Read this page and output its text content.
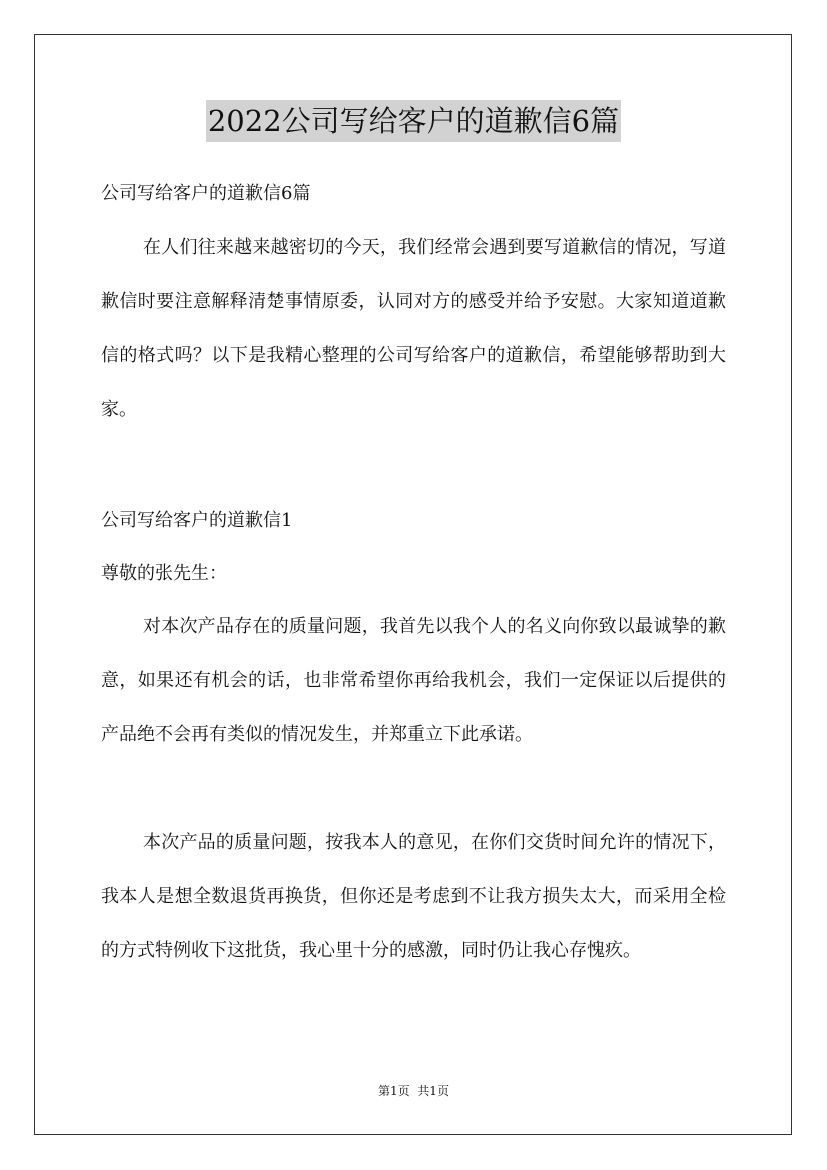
2022公司写给客户的道歉信6篇
公司写给客户的道歉信6篇

在人们往来越来越密切的今天，我们经常会遇到要写道歉信的情况，写道歉信时要注意解释清楚事情原委，认同对方的感受并给予安慰。大家知道道歉信的格式吗？以下是我精心整理的公司写给客户的道歉信，希望能够帮助到大家。

公司写给客户的道歉信1
尊敬的张先生：

对本次产品存在的质量问题，我首先以我个人的名义向你致以最诚挚的歉意，如果还有机会的话，也非常希望你再给我机会，我们一定保证以后提供的产品绝不会再有类似的情况发生，并郑重立下此承诺。

本次产品的质量问题，按我本人的意见，在你们交货时间允许的情况下，我本人是想全数退货再换货，但你还是考虑到不让我方损失太大，而采用全检的方式特例收下这批货，我心里十分的感激，同时仍让我心存愧疚。

第1页  共1页
